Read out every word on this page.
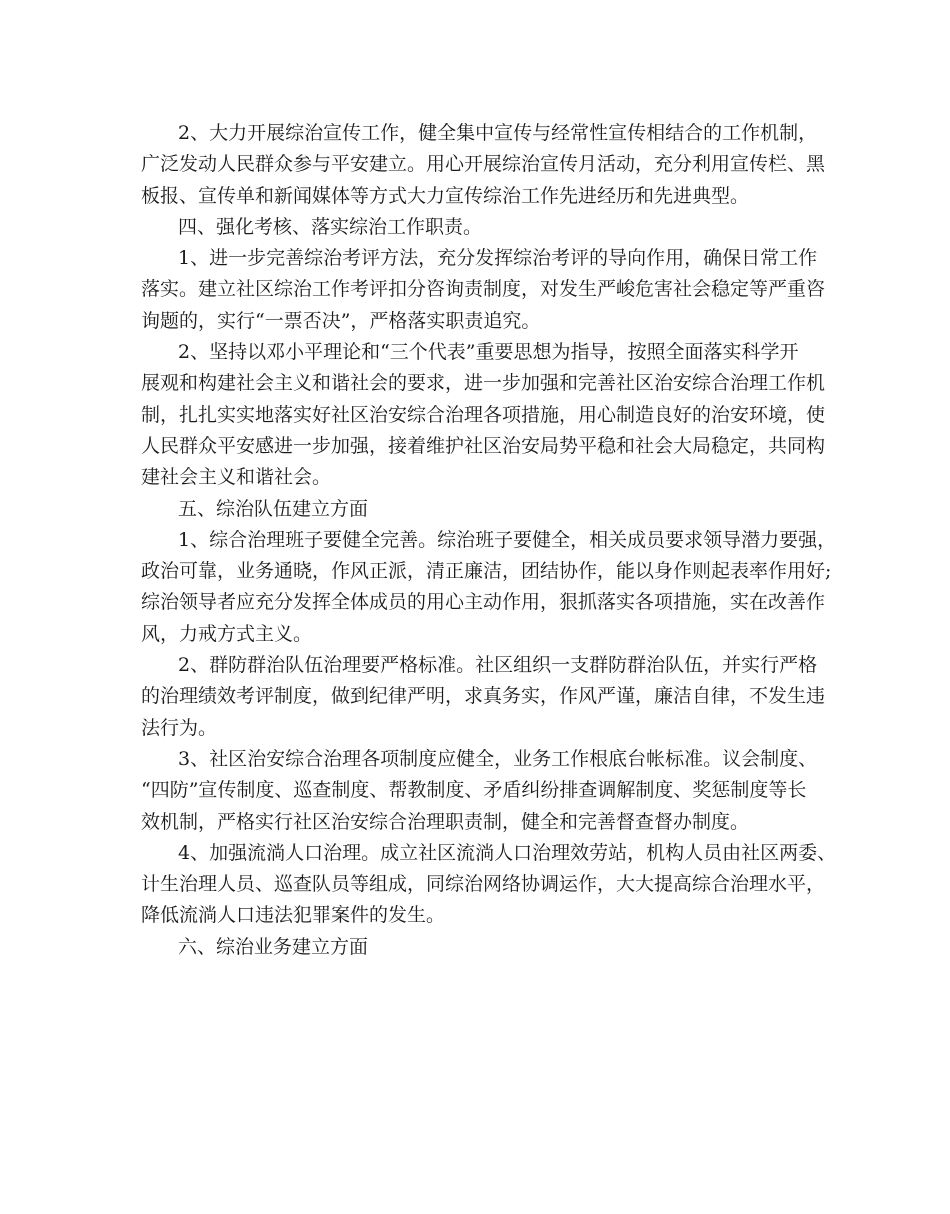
2、大力开展综治宣传工作，健全集中宣传与经常性宣传相结合的工作机制，
广泛发动人民群众参与平安建立。用心开展综治宣传月活动，充分利用宣传栏、黑
板报、宣传单和新闻媒体等方式大力宣传综治工作先进经历和先进典型。
四、强化考核、落实综治工作职责。
1、进一步完善综治考评方法，充分发挥综治考评的导向作用，确保日常工作
落实。建立社区综治工作考评扣分咨询责制度，对发生严峻危害社会稳定等严重咨
询题的，实行“一票否决”，严格落实职责追究。
2、坚持以邓小平理论和“三个代表”重要思想为指导，按照全面落实科学开
展观和构建社会主义和谐社会的要求，进一步加强和完善社区治安综合治理工作机
制，扎扎实实地落实好社区治安综合治理各项措施，用心制造良好的治安环境，使
人民群众平安感进一步加强，接着维护社区治安局势平稳和社会大局稳定，共同构
建社会主义和谐社会。
五、综治队伍建立方面
1、综合治理班子要健全完善。综治班子要健全，相关成员要求领导潜力要强，
政治可靠，业务通晓，作风正派，清正廉洁，团结协作，能以身作则起表率作用好;
综治领导者应充分发挥全体成员的用心主动作用，狠抓落实各项措施，实在改善作
风，力戒方式主义。
2、群防群治队伍治理要严格标准。社区组织一支群防群治队伍，并实行严格
的治理绩效考评制度，做到纪律严明，求真务实，作风严谨，廉洁自律，不发生违
法行为。
3、社区治安综合治理各项制度应健全，业务工作根底台帐标准。议会制度、
“四防”宣传制度、巡查制度、帮教制度、矛盾纠纷排查调解制度、奖惩制度等长
效机制，严格实行社区治安综合治理职责制，健全和完善督查督办制度。
4、加强流淌人口治理。成立社区流淌人口治理效劳站，机构人员由社区两委、
计生治理人员、巡查队员等组成，同综治网络协调运作，大大提高综合治理水平，
降低流淌人口违法犯罪案件的发生。
六、综治业务建立方面
